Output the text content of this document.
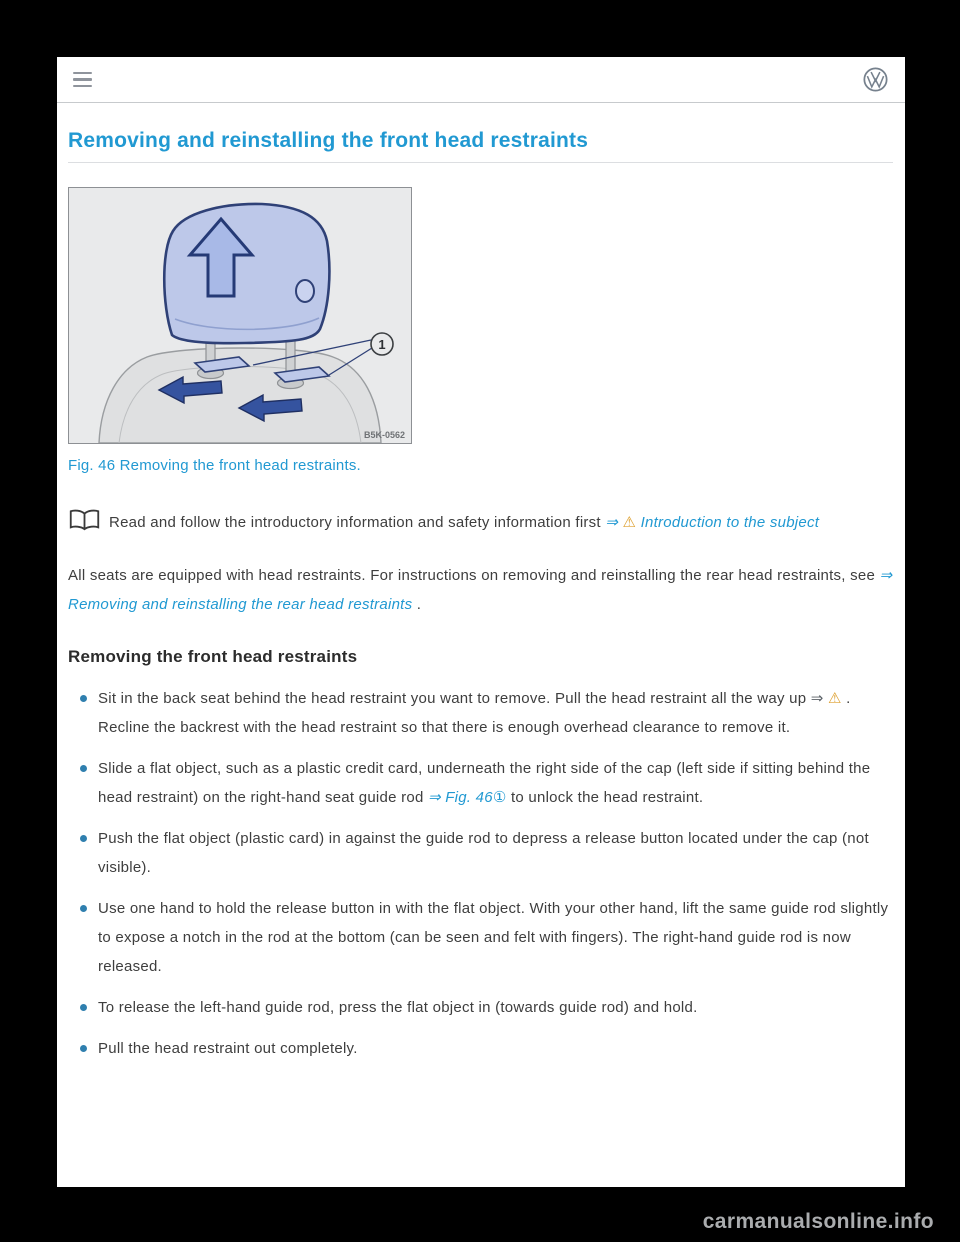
Removing and reinstalling the front head restraints
1
B5K-0562
Fig. 46 Removing the front head restraints.

Read and follow the introductory information and safety information first ⇒ ⚠ Introduction to the subject

All seats are equipped with head restraints. For instructions on removing and reinstalling the rear head restraints, see ⇒ Removing and reinstalling the rear head restraints .

Removing the front head restraints
Sit in the back seat behind the head restraint you want to remove. Pull the head restraint all the way up ⇒ ⚠ . Recline the backrest with the head restraint so that there is enough overhead clearance to remove it.
Slide a flat object, such as a plastic credit card, underneath the right side of the cap (left side if sitting behind the head restraint) on the right-hand seat guide rod ⇒ Fig. 46① to unlock the head restraint.
Push the flat object (plastic card) in against the guide rod to depress a release button located under the cap (not visible).
Use one hand to hold the release button in with the flat object. With your other hand, lift the same guide rod slightly to expose a notch in the rod at the bottom (can be seen and felt with fingers). The right-hand guide rod is now released.
To release the left-hand guide rod, press the flat object in (towards guide rod) and hold.
Pull the head restraint out completely.
carmanualsonline.info
